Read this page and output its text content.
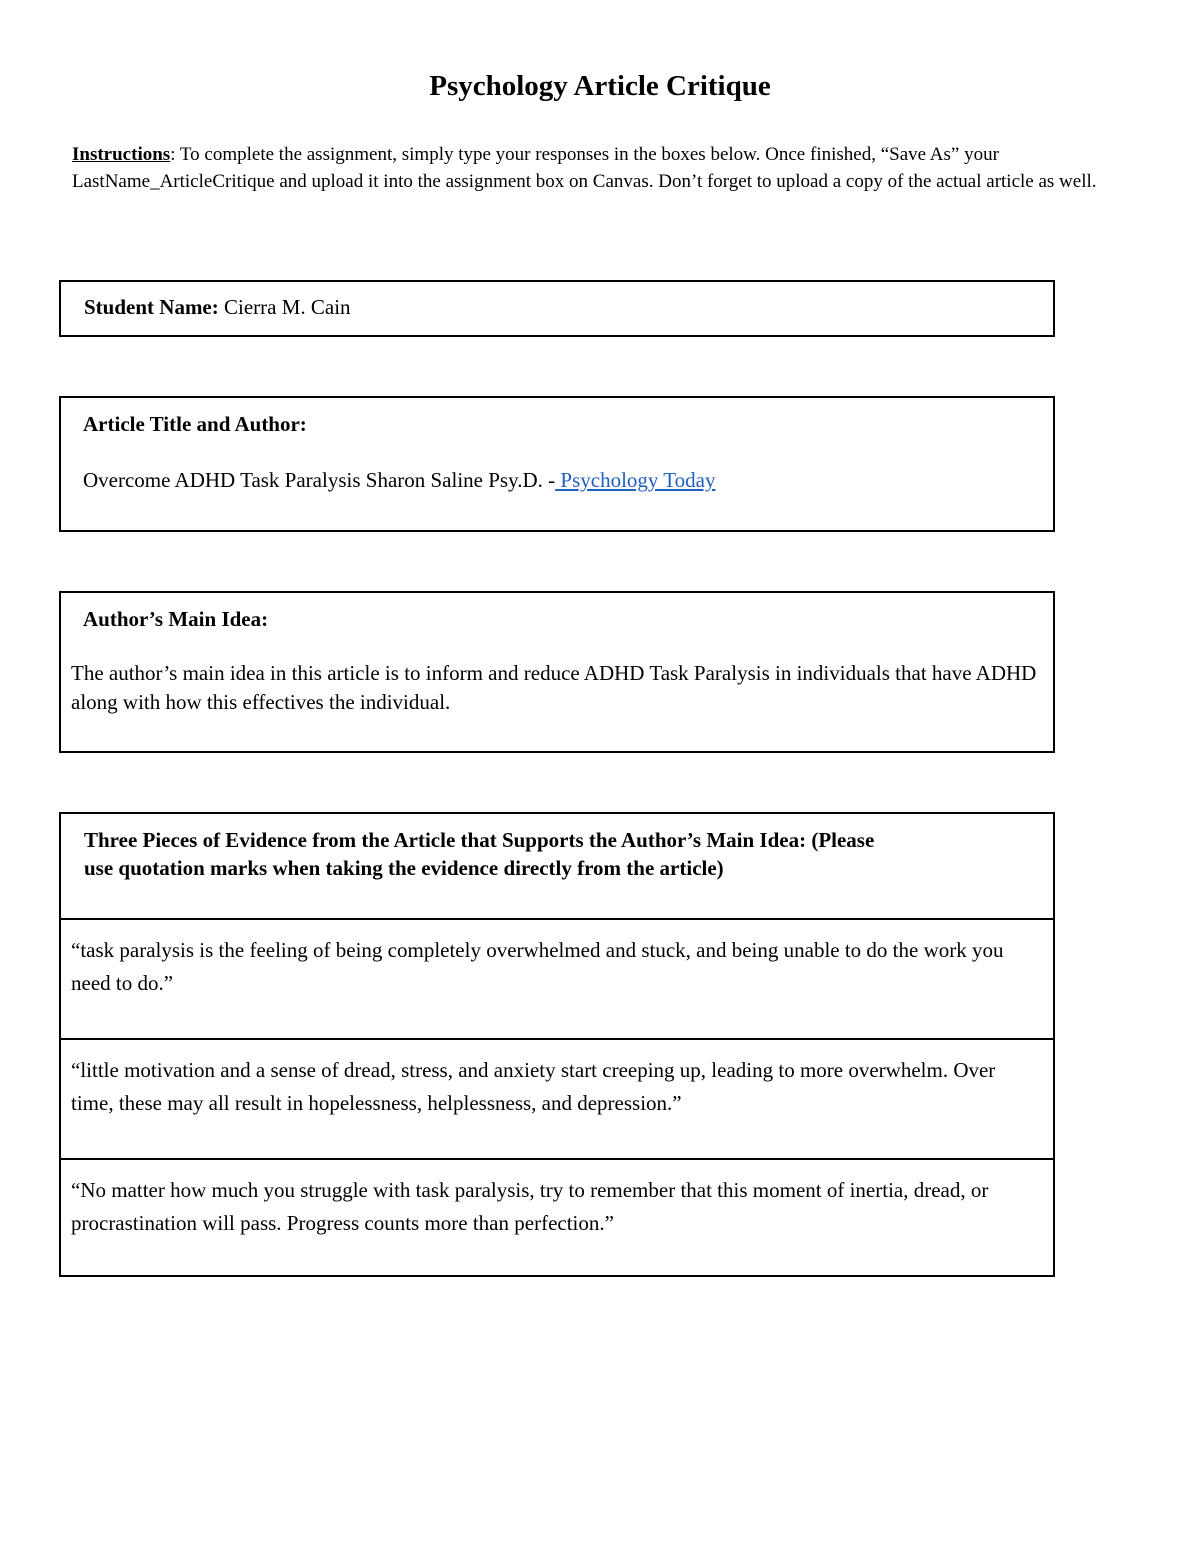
Psychology Article Critique
Instructions: To complete the assignment, simply type your responses in the boxes below. Once finished, “Save As” your LastName_ArticleCritique and upload it into the assignment box on Canvas. Don’t forget to upload a copy of the actual article as well.
Student Name: Cierra M. Cain
Article Title and Author:
Overcome ADHD Task Paralysis Sharon Saline Psy.D. - Psychology Today
Author’s Main Idea:
The author’s main idea in this article is to inform and reduce ADHD Task Paralysis in individuals that have ADHD along with how this effectives the individual.
Three Pieces of Evidence from the Article that Supports the Author’s Main Idea: (Please use quotation marks when taking the evidence directly from the article)
“task paralysis is the feeling of being completely overwhelmed and stuck, and being unable to do the work you need to do.”
“little motivation and a sense of dread, stress, and anxiety start creeping up, leading to more overwhelm. Over time, these may all result in hopelessness, helplessness, and depression.”
“No matter how much you struggle with task paralysis, try to remember that this moment of inertia, dread, or procrastination will pass. Progress counts more than perfection.”
